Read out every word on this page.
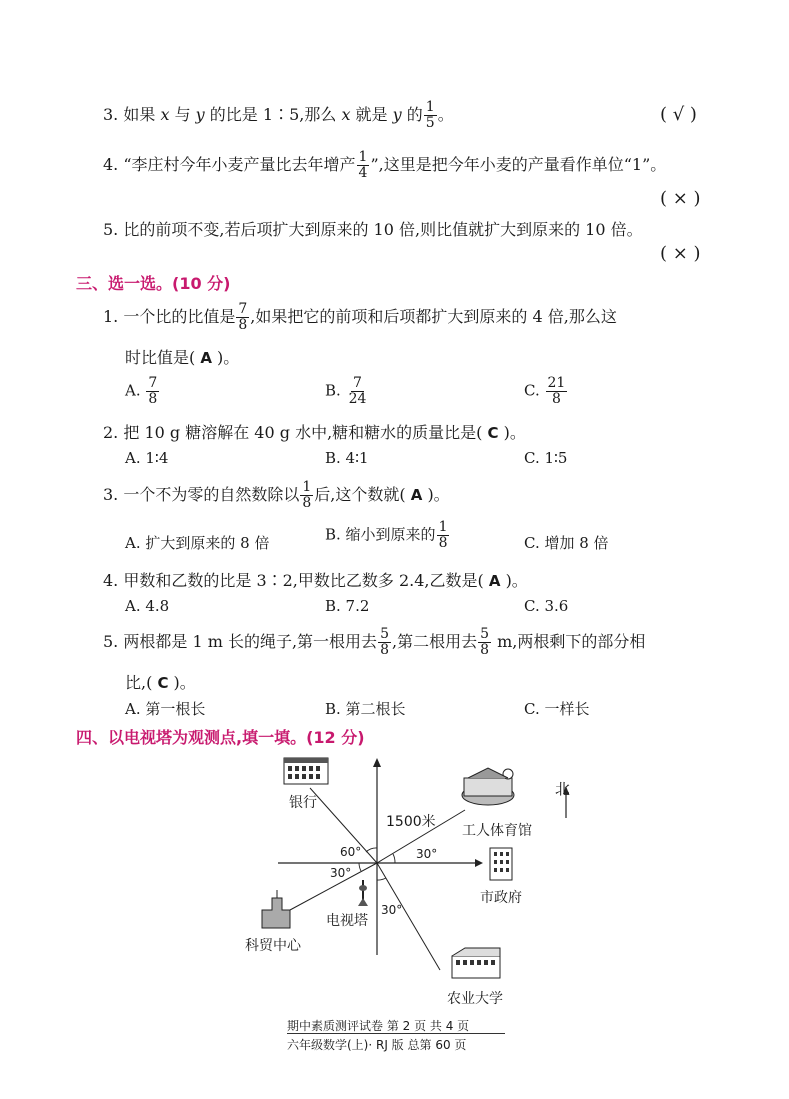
3. 如果 x 与 y 的比是 1∶5,那么 x 就是 y 的 $\frac{1}{5}$ 。	( √ )
4. “李庄村今年小麦产量比去年增产 $\frac{1}{4}$ ”,这里是把今年小麦的产量看作单位“1”。
( × )
5. 比的前项不变,若后项扩大到原来的 10 倍,则比值就扩大到原来的 10 倍。
( × )
三、选一选。(10 分)
1. 一个比的比值是 $\frac{7}{8}$ ,如果把它的前项和后项都扩大到原来的 4 倍,那么这
时比值是( A )。
A. $\frac{7}{8}$	B. $\frac{7}{24}$	C. $\frac{21}{8}$
2. 把 10 g 糖溶解在 40 g 水中,糖和糖水的质量比是( C )。
A. 1∶4	B. 4∶1	C. 1∶5
3. 一个不为零的自然数除以 $\frac{1}{8}$ 后,这个数就( A )。
A. 扩大到原来的 8 倍	B. 缩小到原来的 $\frac{1}{8}$	C. 增加 8 倍
4. 甲数和乙数的比是 3∶2,甲数比乙数多 2.4,乙数是( A )。
A. 4.8	B. 7.2	C. 3.6
5. 两根都是 1 m 长的绳子,第一根用去 $\frac{5}{8}$ ,第二根用去 $\frac{5}{8} m$,两根剩下的部分相
比,( C )。
A. 第一根长	B. 第二根长	C. 一样长
四、以电视塔为观测点,填一填。(12 分)
银行
工人体育馆
市政府
科贸中心
电视塔
农业大学
1500米
60°
30°
30°
30°
北
期中素质测评试卷 第 2 页 共 4 页
六年级数学(上)· RJ 版 总第 60 页
